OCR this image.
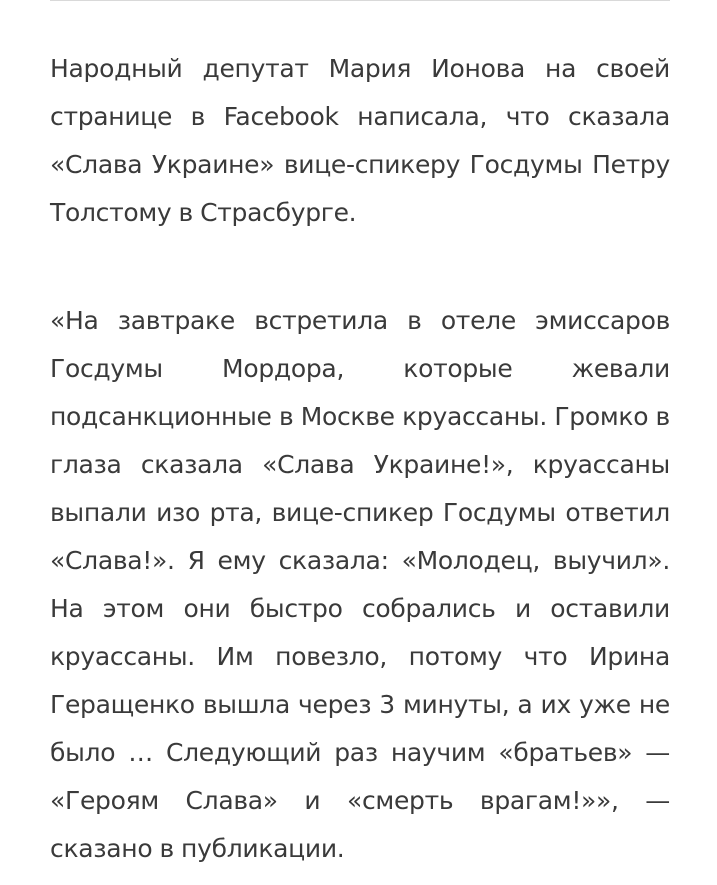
Народный депутат Мария Ионова на своей странице в Facebook написала, что сказала «Слава Украине» вице-спикеру Госдумы Петру Толстому в Страсбурге.

«На завтраке встретила в отеле эмиссаров Госдумы Мордора, которые жевали подсанкционные в Москве круассаны. Громко в глаза сказала «Слава Украине!», круассаны выпали изо рта, вице-спикер Госдумы ответил «Слава!». Я ему сказала: «Молодец, выучил». На этом они быстро собрались и оставили круассаны. Им повезло, потому что Ирина Геращенко вышла через 3 минуты, а их уже не было … Следующий раз научим «братьев» — «Героям Слава» и «смерть врагам!»», — сказано в публикации.
